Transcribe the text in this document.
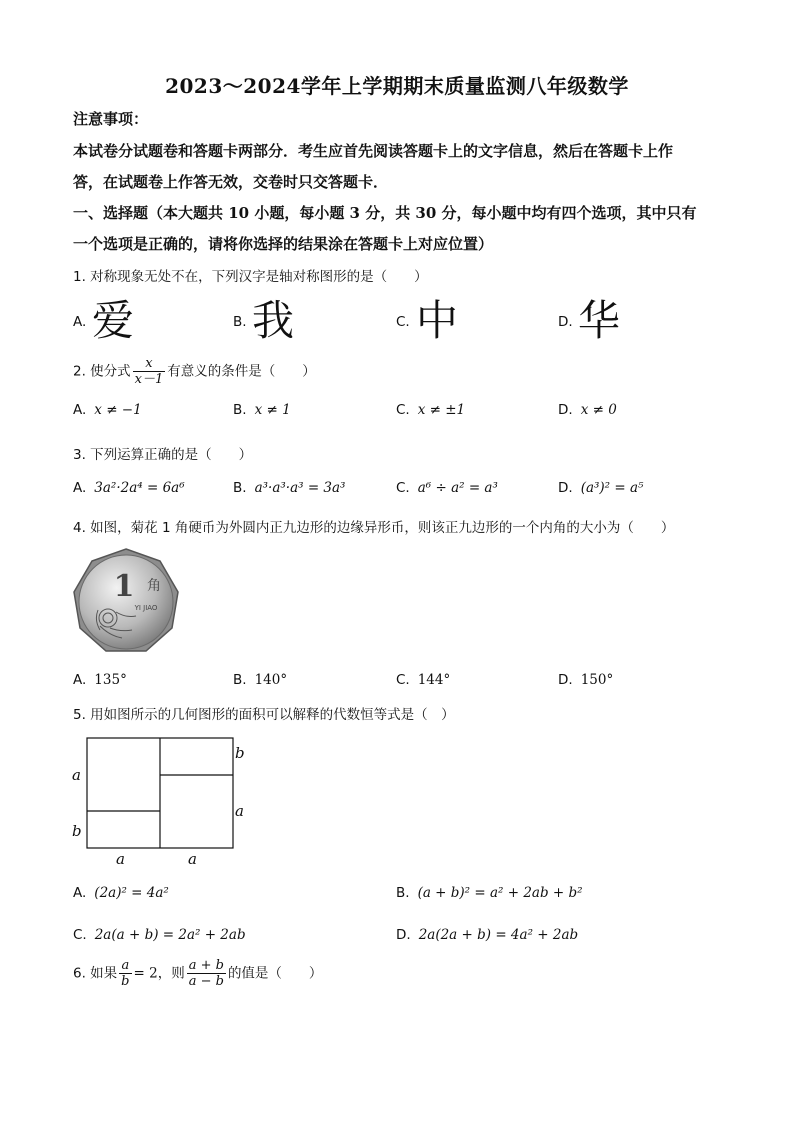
2023～2024学年上学期期末质量监测八年级数学
注意事项：
本试卷分试题卷和答题卡两部分．考生应首先阅读答题卡上的文字信息，然后在答题卡上作
答，在试题卷上作答无效，交卷时只交答题卡．
一、选择题（本大题共 10 小题，每小题 3 分，共 30 分，每小题中均有四个选项，其中只有
一个选项是正确的，请将你选择的结果涂在答题卡上对应位置）
1. 对称现象无处不在，下列汉字是轴对称图形的是（　　）
A. 爱	B. 我	C. 中	D. 华
2. 使分式 $\frac{x}{x-1}$ 有意义的条件是（　　）
A. x ≠ −1	B. x ≠ 1	C. x ≠ ±1	D. x ≠ 0
3. 下列运算正确的是（　　）
A. 3a²·2a⁴ = 6a⁶	B. a³·a³·a³ = 3a³	C. a⁶ ÷ a² = a³	D. (a³)² = a⁵
4. 如图，菊花 1 角硬币为外圆内正九边形的边缘异形币，则该正九边形的一个内角的大小为（　　）
1 角
YI JIAO
A. 135°	B. 140°	C. 144°	D. 150°
5. 用如图所示的几何图形的面积可以解释的代数恒等式是（　）
a
b
b
a
a	a
A. (2a)² = 4a²	B. (a + b)² = a² + 2ab + b²
C. 2a(a + b) = 2a² + 2ab	D. 2a(2a + b) = 4a² + 2ab
6. 如果 $\frac{a}{b} = 2$，则 $\frac{a + b}{a - b}$ 的值是（　　）
